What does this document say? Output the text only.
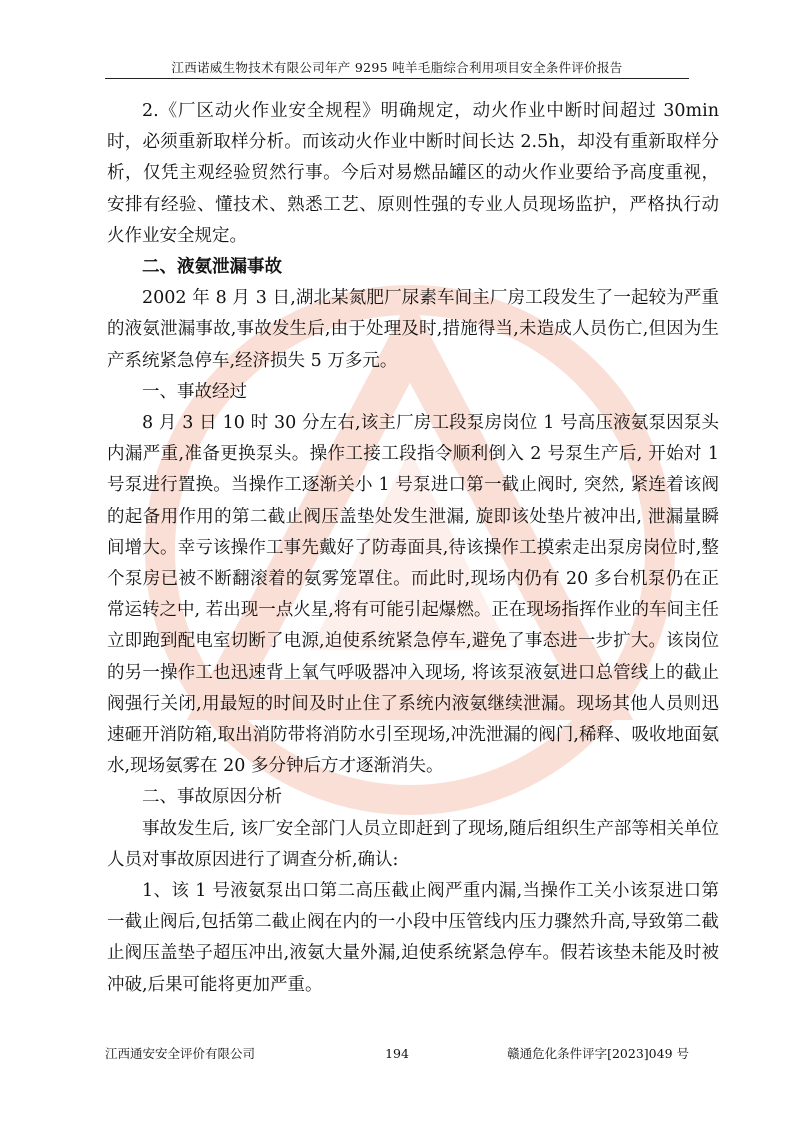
江西诺威生物技术有限公司年产 9295 吨羊毛脂综合利用项目安全条件评价报告

2.《厂区动火作业安全规程》明确规定，动火作业中断时间超过 30min 时，必须重新取样分析。而该动火作业中断时间长达 2.5h，却没有重新取样分析，仅凭主观经验贸然行事。今后对易燃品罐区的动火作业要给予高度重视，安排有经验、懂技术、熟悉工艺、原则性强的专业人员现场监护，严格执行动火作业安全规定。

二、液氨泄漏事故

2002 年 8 月 3 日,湖北某氮肥厂尿素车间主厂房工段发生了一起较为严重的液氨泄漏事故,事故发生后,由于处理及时,措施得当,未造成人员伤亡,但因为生产系统紧急停车,经济损失 5 万多元。

一、事故经过

8 月 3 日 10 时 30 分左右,该主厂房工段泵房岗位 1 号高压液氨泵因泵头内漏严重,准备更换泵头。操作工接工段指令顺利倒入 2 号泵生产后, 开始对 1 号泵进行置换。当操作工逐渐关小 1 号泵进口第一截止阀时, 突然, 紧连着该阀的起备用作用的第二截止阀压盖垫处发生泄漏, 旋即该处垫片被冲出, 泄漏量瞬间增大。幸亏该操作工事先戴好了防毒面具,待该操作工摸索走出泵房岗位时,整个泵房已被不断翻滚着的氨雾笼罩住。而此时,现场内仍有 20 多台机泵仍在正常运转之中, 若出现一点火星,将有可能引起爆燃。正在现场指挥作业的车间主任立即跑到配电室切断了电源,迫使系统紧急停车,避免了事态进一步扩大。该岗位的另一操作工也迅速背上氧气呼吸器冲入现场, 将该泵液氨进口总管线上的截止阀强行关闭,用最短的时间及时止住了系统内液氨继续泄漏。现场其他人员则迅速砸开消防箱,取出消防带将消防水引至现场,冲洗泄漏的阀门,稀释、吸收地面氨水,现场氨雾在 20 多分钟后方才逐渐消失。

二、事故原因分析

事故发生后, 该厂安全部门人员立即赶到了现场,随后组织生产部等相关单位人员对事故原因进行了调查分析,确认:

1、该 1 号液氨泵出口第二高压截止阀严重内漏,当操作工关小该泵进口第一截止阀后,包括第二截止阀在内的一小段中压管线内压力骤然升高,导致第二截止阀压盖垫子超压冲出,液氨大量外漏,迫使系统紧急停车。假若该垫未能及时被冲破,后果可能将更加严重。

江西通安安全评价有限公司	194	赣通危化条件评字[2023]049 号
